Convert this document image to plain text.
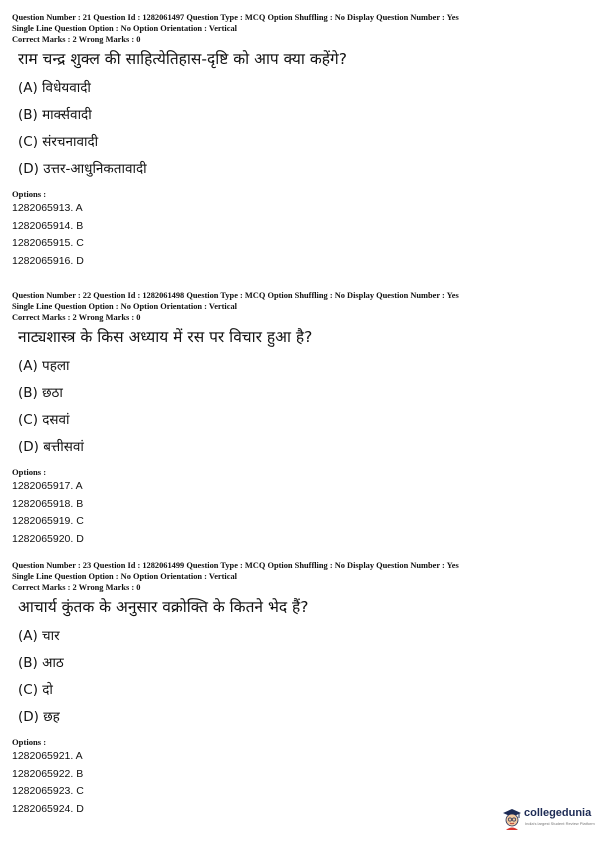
Question Number : 21 Question Id : 1282061497 Question Type : MCQ Option Shuffling : No Display Question Number : Yes
Single Line Question Option : No Option Orientation : Vertical
Correct Marks : 2 Wrong Marks : 0
राम चन्द्र शुक्ल की साहित्येतिहास-दृष्टि को आप क्या कहेंगे?
(A) विधेयवादी
(B) मार्क्सवादी
(C) संरचनावादी
(D) उत्तर-आधुनिकतावादी
Options :
1282065913. A
1282065914. B
1282065915. C
1282065916. D
Question Number : 22 Question Id : 1282061498 Question Type : MCQ Option Shuffling : No Display Question Number : Yes
Single Line Question Option : No Option Orientation : Vertical
Correct Marks : 2 Wrong Marks : 0
नाट्यशास्त्र के किस अध्याय में रस पर विचार हुआ है?
(A) पहला
(B) छठा
(C) दसवां
(D) बत्तीसवां
Options :
1282065917. A
1282065918. B
1282065919. C
1282065920. D
Question Number : 23 Question Id : 1282061499 Question Type : MCQ Option Shuffling : No Display Question Number : Yes
Single Line Question Option : No Option Orientation : Vertical
Correct Marks : 2 Wrong Marks : 0
आचार्य कुंतक के अनुसार वक्रोक्ति के कितने भेद हैं?
(A) चार
(B) आठ
(C) दो
(D) छह
Options :
1282065921. A
1282065922. B
1282065923. C
1282065924. D	collegedunia
India's largest Student Review Platform
